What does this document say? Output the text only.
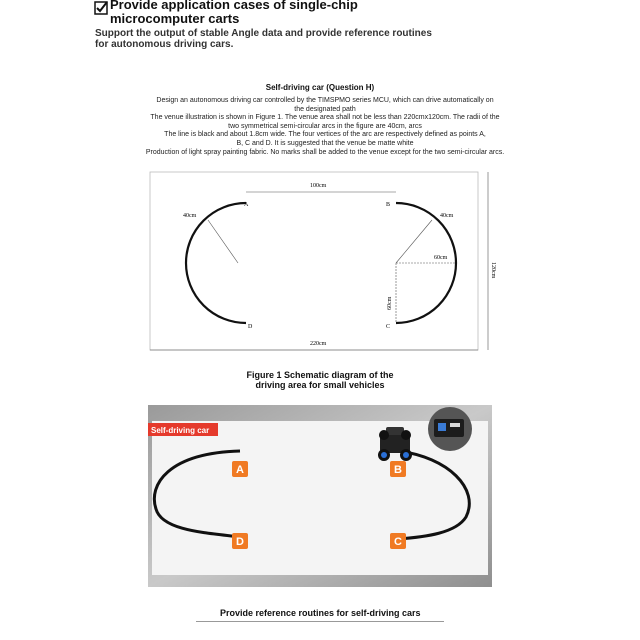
Provide application cases of single-chip
microcomputer carts
Support the output of stable Angle data and provide reference routines
for autonomous driving cars.
Self-driving car (Question H)

Design an autonomous driving car controlled by the TIMSPMO series MCU, which can drive automatically on

the designated path

The venue illustration is shown in Figure 1. The venue area shall not be less than 220cmx120cm. The radii of the

two symmetrical semi-circular arcs in the figure are 40cm, arcs

The line is black and about 1.8cm wide. The four vertices of the arc are respectively defined as points A,

B, C and D. It is suggested that the venue be matte white

Production of light spray painting fabric. No marks shall be added to the venue except for the two semi-circular arcs.

100cm
220cm
120cm
40cm	40cm
60cm
60cm
A	B
C
D
Figure 1 Schematic diagram of the
driving area for small vehicles
Self-driving car
A	B
C
D
Provide reference routines for self-driving cars
